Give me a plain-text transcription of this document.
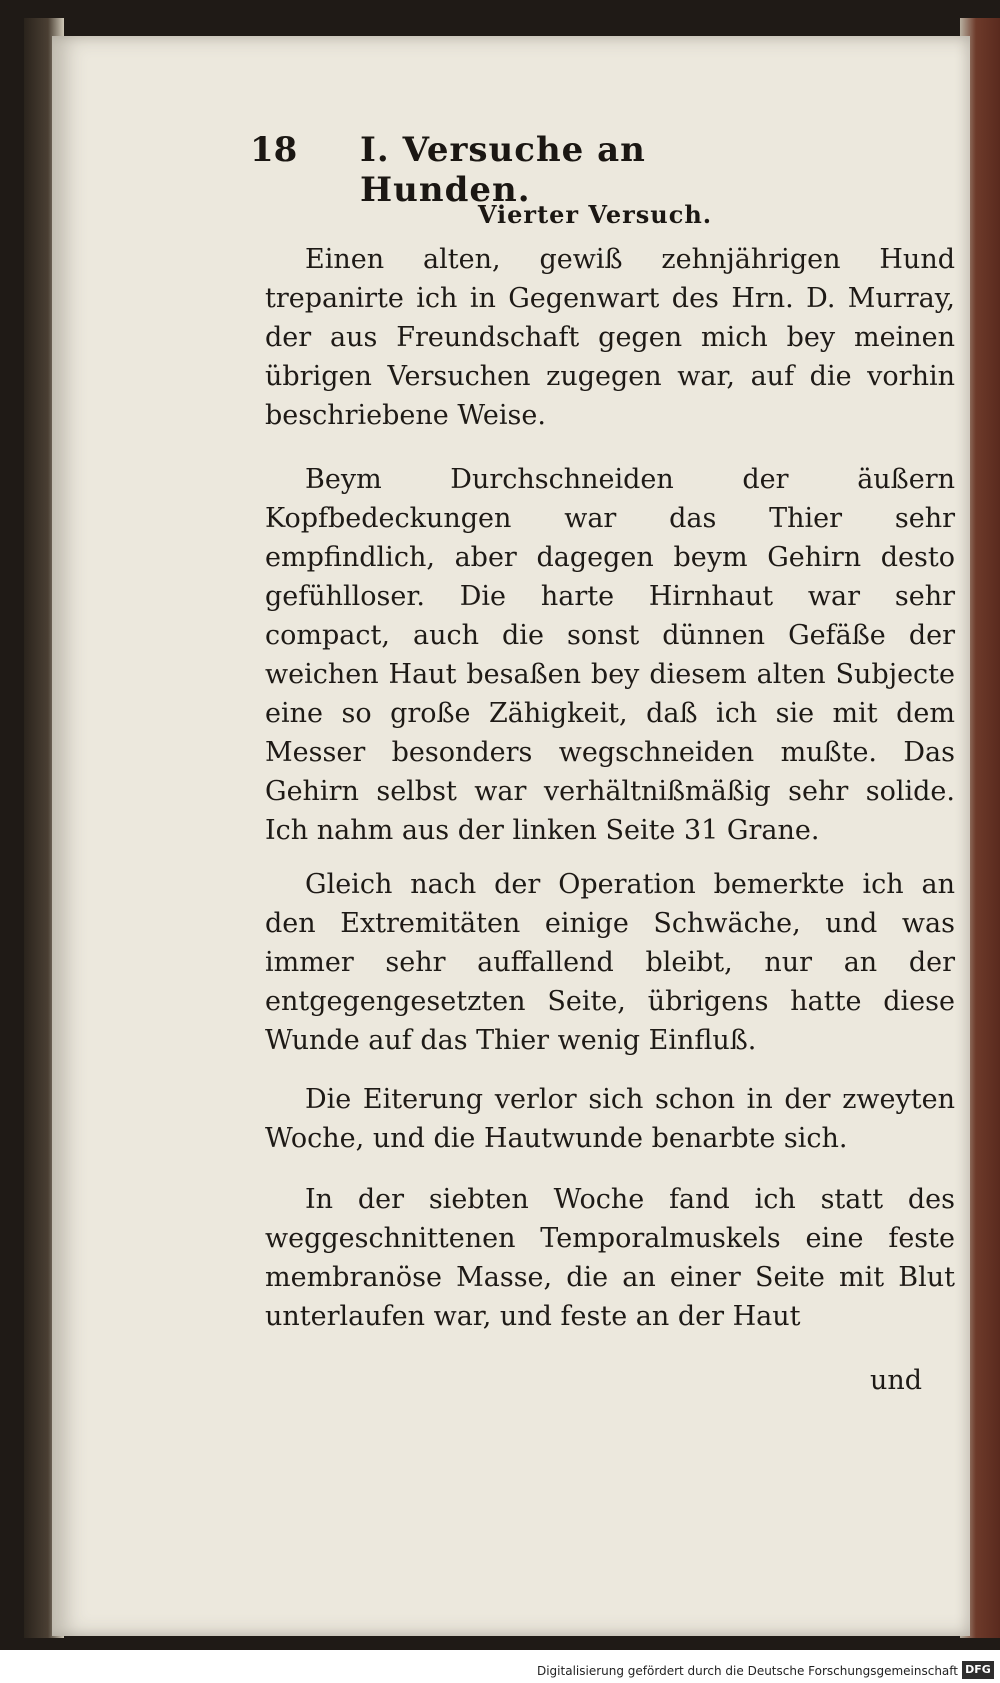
18 I. Versuche an Hunden.
Vierter Versuch.
Einen alten, gewiß zehnjährigen Hund trepanirte ich in Gegenwart des Hrn. D. Murray, der aus Freundschaft gegen mich bey meinen übrigen Versuchen zugegen war, auf die vorhin beschriebene Weise.
Beym Durchschneiden der äußern Kopfbedeckungen war das Thier sehr empfindlich, aber dagegen beym Gehirn desto gefühlloser. Die harte Hirnhaut war sehr compact, auch die sonst dünnen Gefäße der weichen Haut besaßen bey diesem alten Subjecte eine so große Zähigkeit, daß ich sie mit dem Messer besonders wegschneiden mußte. Das Gehirn selbst war verhältnißmäßig sehr solide. Ich nahm aus der linken Seite 31 Grane.
Gleich nach der Operation bemerkte ich an den Extremitäten einige Schwäche, und was immer sehr auffallend bleibt, nur an der entgegengesetzten Seite, übrigens hatte diese Wunde auf das Thier wenig Einfluß.
Die Eiterung verlor sich schon in der zweyten Woche, und die Hautwunde benarbte sich.
In der siebten Woche fand ich statt des weggeschnittenen Temporalmuskels eine feste membranöse Masse, die an einer Seite mit Blut unterlaufen war, und feste an der Haut
und
Digitalisierung gefördert durch die Deutsche Forschungsgemeinschaft DFG
